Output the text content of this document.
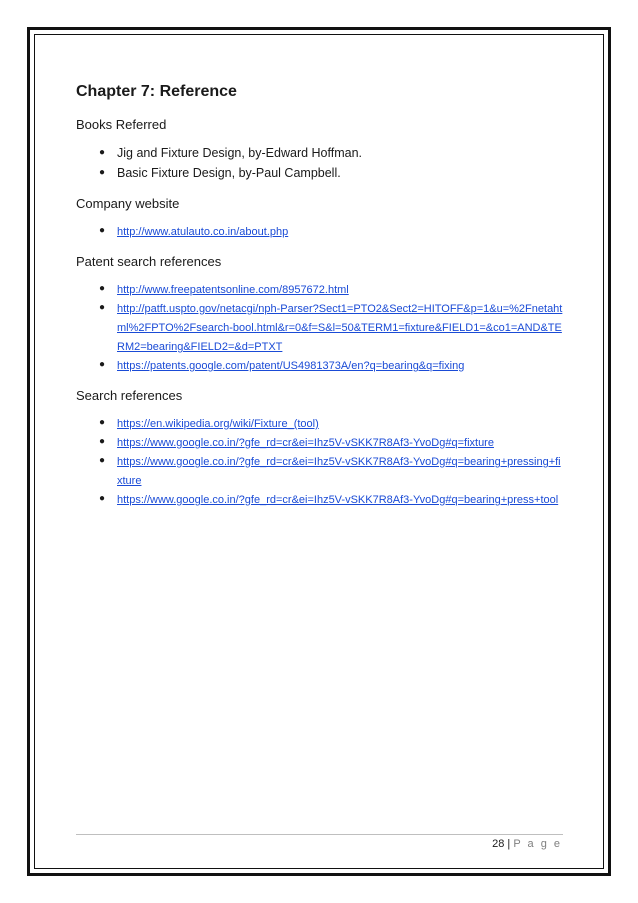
Chapter 7: Reference
Books Referred
● Jig and Fixture Design, by-Edward Hoffman.
● Basic Fixture Design, by-Paul Campbell.
Company website
● http://www.atulauto.co.in/about.php
Patent search references
● http://www.freepatentsonline.com/8957672.html
● http://patft.uspto.gov/netacgi/nph-Parser?Sect1=PTO2&Sect2=HITOFF&p=1&u=%2Fnetahtml%2FPTO%2Fsearch-bool.html&r=0&f=S&l=50&TERM1=fixture&FIELD1=&co1=AND&TERM2=bearing&FIELD2=&d=PTXT
● https://patents.google.com/patent/US4981373A/en?q=bearing&q=fixing
Search references
● https://en.wikipedia.org/wiki/Fixture_(tool)
● https://www.google.co.in/?gfe_rd=cr&ei=Ihz5V-vSKK7R8Af3-YvoDg#q=fixture
● https://www.google.co.in/?gfe_rd=cr&ei=Ihz5V-vSKK7R8Af3-YvoDg#q=bearing+pressing+fixture
● https://www.google.co.in/?gfe_rd=cr&ei=Ihz5V-vSKK7R8Af3-YvoDg#q=bearing+press+tool
28 | P a g e
